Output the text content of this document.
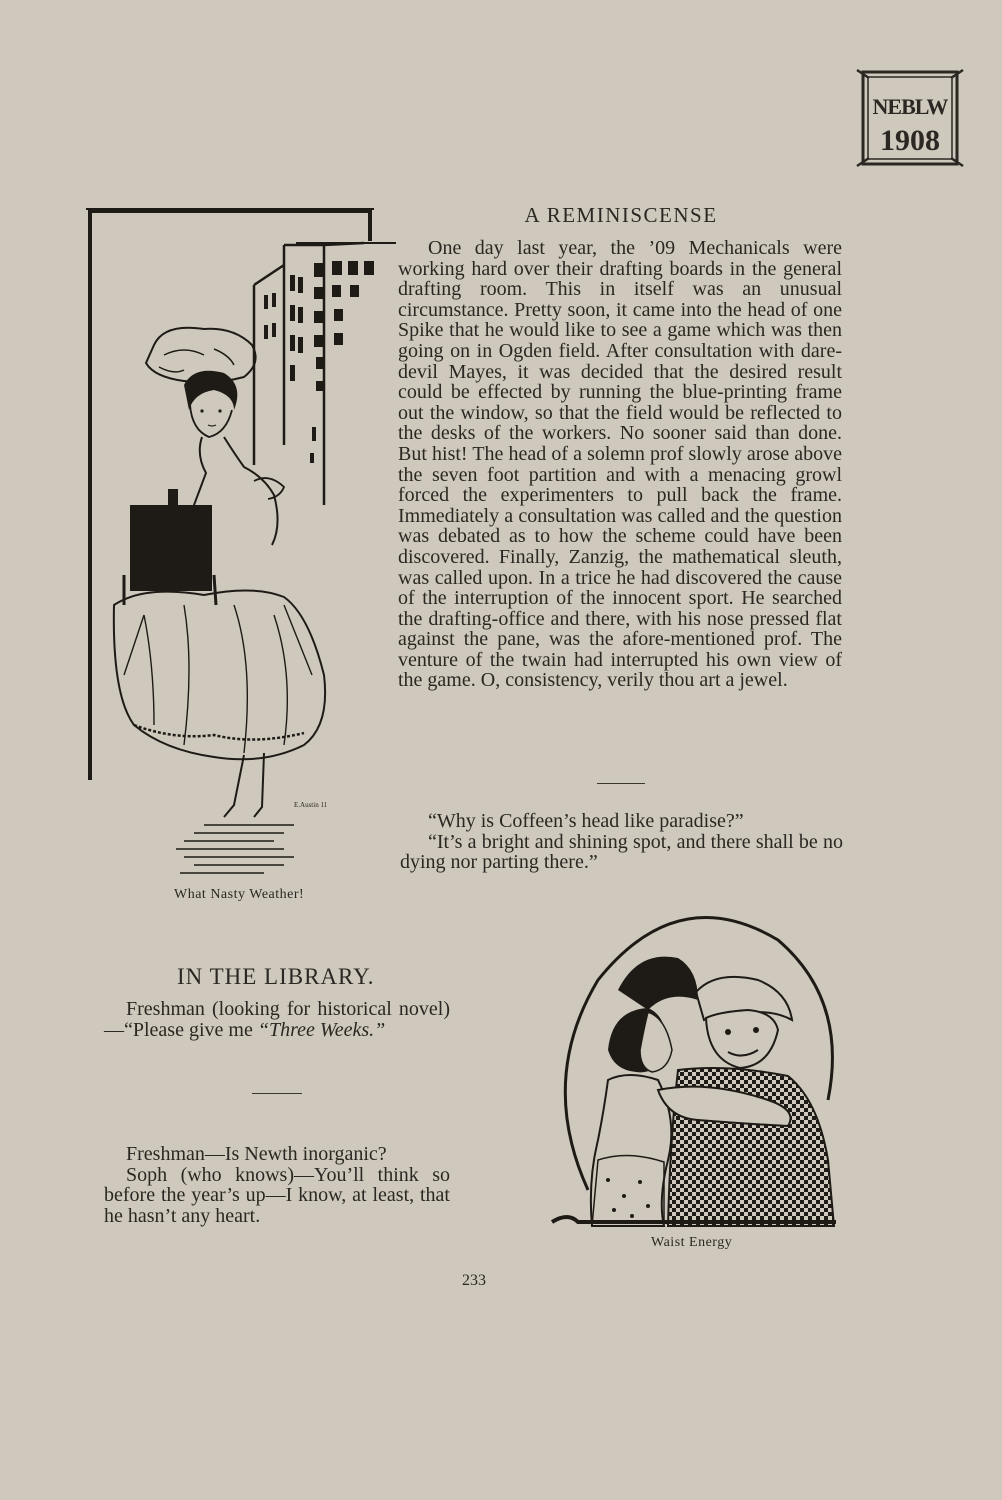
NEBLW
1908
E.Austin 11
What Nasty Weather!
A REMINISCENSE

One day last year, the ’09 Mechanicals were working hard over their drafting boards in the general drafting room. This in itself was an unusual circumstance. Pretty soon, it came into the head of one Spike that he would like to see a game which was then going on in Ogden field. After consultation with dare-devil Mayes, it was decided that the desired result could be effected by running the blue-printing frame out the window, so that the field would be reflected to the desks of the workers. No sooner said than done. But hist! The head of a solemn prof slowly arose above the seven foot partition and with a menacing growl forced the experimenters to pull back the frame. Immediately a consultation was called and the question was debated as to how the scheme could have been discovered. Finally, Zanzig, the mathematical sleuth, was called upon. In a trice he had discovered the cause of the interruption of the innocent sport. He searched the drafting-office and there, with his nose pressed flat against the pane, was the afore-mentioned prof. The venture of the twain had interrupted his own view of the game. O, consistency, verily thou art a jewel.

“Why is Coffeen’s head like paradise?”

“It’s a bright and shining spot, and there shall be no dying nor parting there.”

IN THE LIBRARY.

Freshman (looking for historical novel)—“Please give me “Three Weeks.”

Freshman—Is Newth inorganic?

Soph (who knows)—You’ll think so before the year’s up—I know, at least, that he hasn’t any heart.

Waist Energy
233
